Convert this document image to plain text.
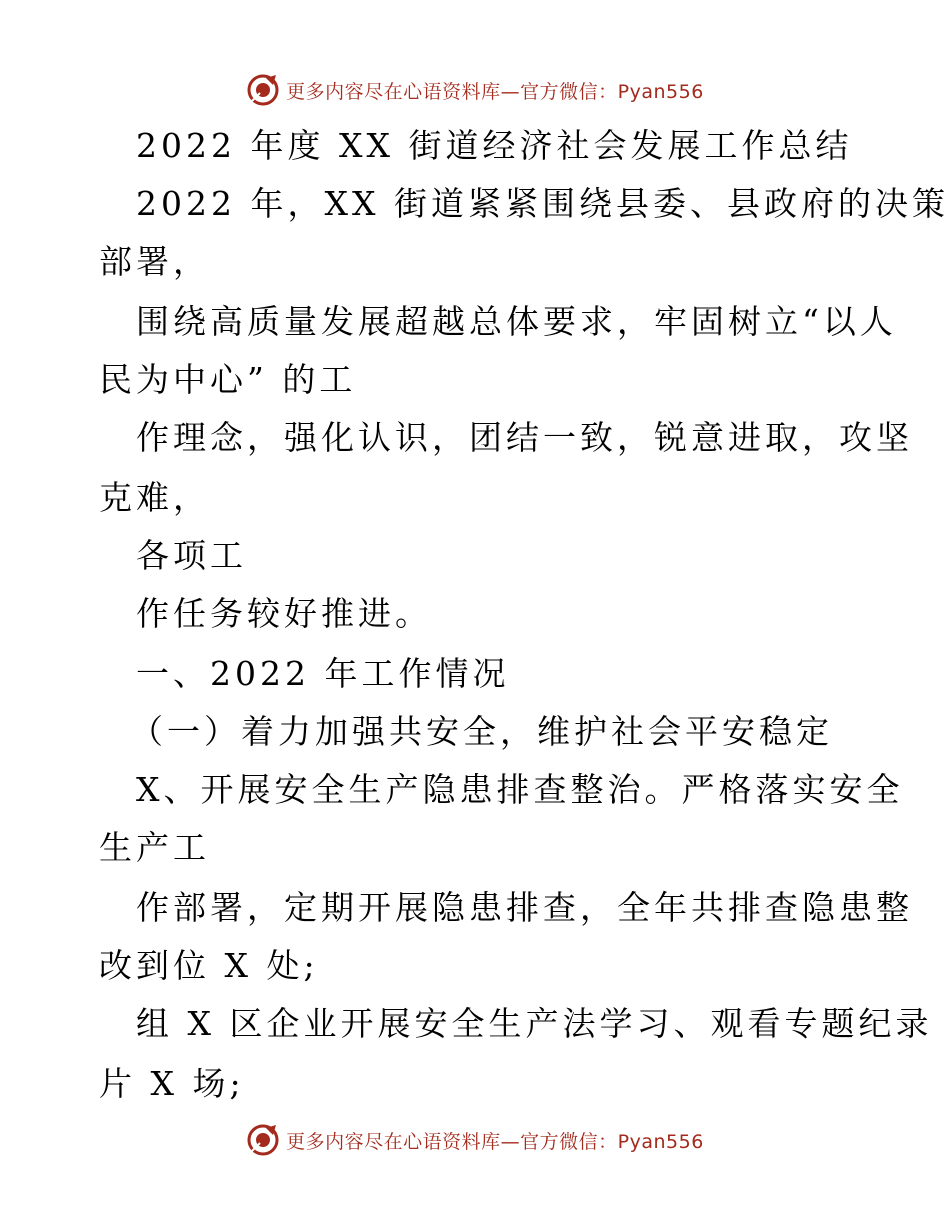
更多内容尽在心语资料库—官方微信：Pyan556
2022 年度 XX 街道经济社会发展工作总结
2022 年，XX 街道紧紧围绕县委、县政府的决策
部署，
围绕高质量发展超越总体要求，牢固树立“以人
民为中心” 的工
作理念，强化认识，团结一致，锐意进取，攻坚
克难，
各项工
作任务较好推进。
一、2022 年工作情况
（一）着力加强共安全，维护社会平安稳定
X、开展安全生产隐患排查整治。严格落实安全
生产工
作部署，定期开展隐患排查，全年共排查隐患整
改到位 X 处;
组 X 区企业开展安全生产法学习、观看专题纪录
片 X 场;
更多内容尽在心语资料库—官方微信：Pyan556
